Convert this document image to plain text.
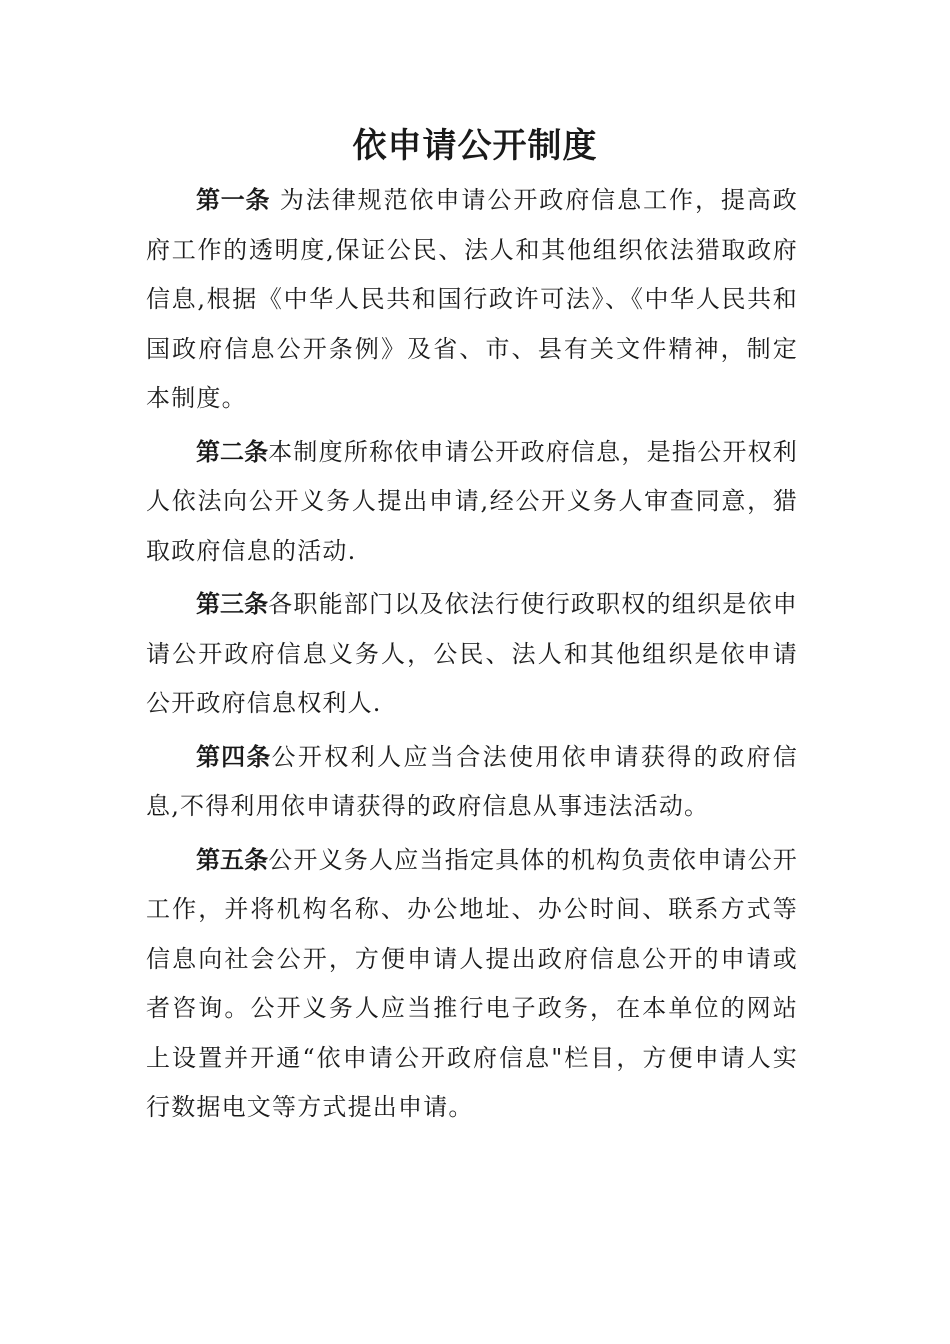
依申请公开制度

第一条 为法律规范依申请公开政府信息工作，提高政府工作的透明度,保证公民、法人和其他组织依法猎取政府信息,根据《中华人民共和国行政许可法》、《中华人民共和国政府信息公开条例》及省、市、县有关文件精神，制定本制度。

第二条本制度所称依申请公开政府信息，是指公开权利人依法向公开义务人提出申请,经公开义务人审查同意，猎取政府信息的活动.

第三条各职能部门以及依法行使行政职权的组织是依申请公开政府信息义务人，公民、法人和其他组织是依申请公开政府信息权利人.

第四条公开权利人应当合法使用依申请获得的政府信息,不得利用依申请获得的政府信息从事违法活动。

第五条公开义务人应当指定具体的机构负责依申请公开工作，并将机构名称、办公地址、办公时间、联系方式等信息向社会公开，方便申请人提出政府信息公开的申请或者咨询。公开义务人应当推行电子政务，在本单位的网站上设置并开通“依申请公开政府信息"栏目，方便申请人实行数据电文等方式提出申请。
